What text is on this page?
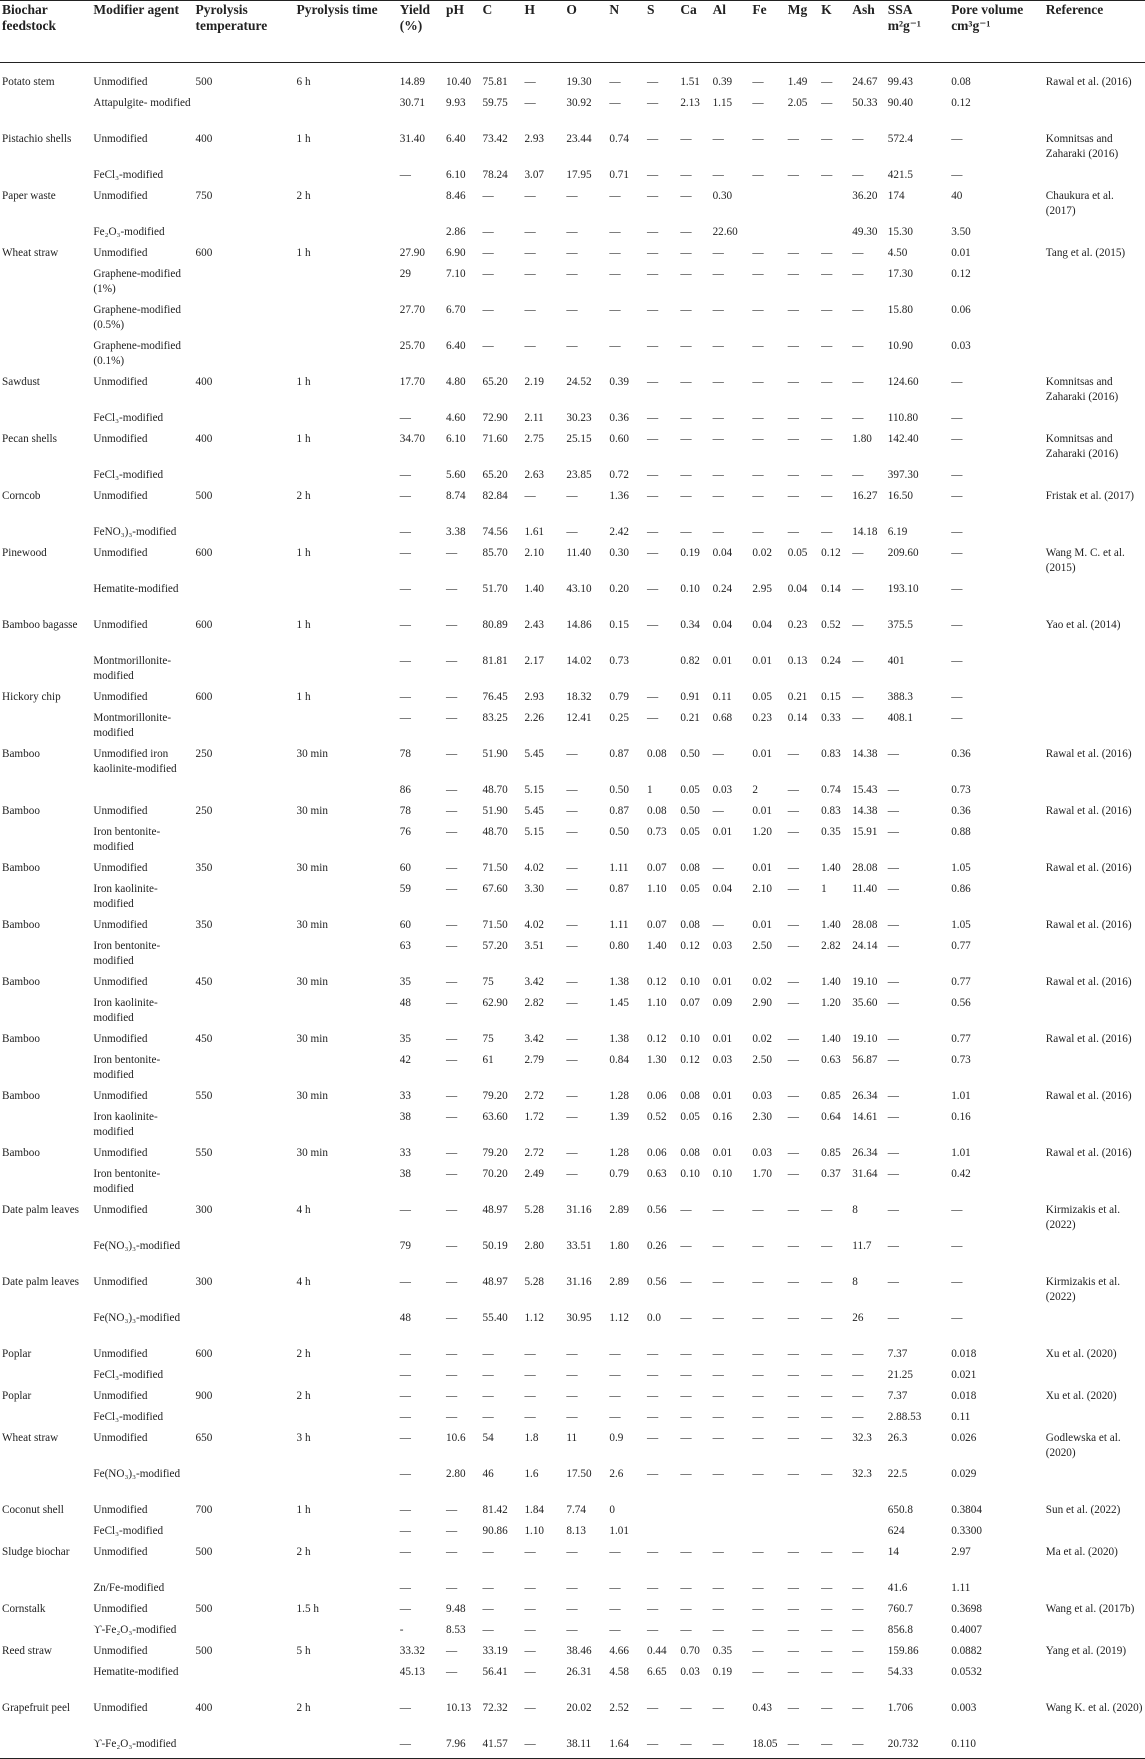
Biochar feedstock	Modifier agent	Pyrolysis temperature	Pyrolysis time	Yield (%)	pH	C	H	O	N	S	Ca	Al	Fe	Mg	K	Ash	SSA m²g⁻¹	Pore volume cm³g⁻¹	Reference
Potato stem	Unmodified	500	6 h	14.89	10.40	75.81	—	19.30	—	—	1.51	0.39	—	1.49	—	24.67	99.43	0.08	Rawal et al. (2016)
	Attapulgite- modified			30.71	9.93	59.75	—	30.92	—	—	2.13	1.15	—	2.05	—	50.33	90.40	0.12	
Pistachio shells	Unmodified	400	1 h	31.40	6.40	73.42	2.93	23.44	0.74	—	—	—	—	—	—	—	572.4	—	Komnitsas and Zaharaki (2016)
	FeCl₃-modified			—	6.10	78.24	3.07	17.95	0.71	—	—	—	—	—	—	—	421.5	—	
Paper waste	Unmodified	750	2 h		8.46	—	—	—	—	—	—	0.30				36.20	174	40	Chaukura et al. (2017)
	Fe₂O₃-modified				2.86	—	—	—	—	—	—	22.60				49.30	15.30	3.50	
Wheat straw	Unmodified	600	1 h	27.90	6.90	—	—	—	—	—	—	—	—	—	—	—	4.50	0.01	Tang et al. (2015)
	Graphene-modified (1%)			29	7.10	—	—	—	—	—	—	—	—	—	—	—	17.30	0.12	
	Graphene-modified (0.5%)			27.70	6.70	—	—	—	—	—	—	—	—	—	—	—	15.80	0.06	
	Graphene-modified (0.1%)			25.70	6.40	—	—	—	—	—	—	—	—	—	—	—	10.90	0.03	
Sawdust	Unmodified	400	1 h	17.70	4.80	65.20	2.19	24.52	0.39	—	—	—	—	—	—	—	124.60	—	Komnitsas and Zaharaki (2016)
	FeCl₃-modified			—	4.60	72.90	2.11	30.23	0.36	—	—	—	—	—	—	—	110.80	—	
Pecan shells	Unmodified	400	1 h	34.70	6.10	71.60	2.75	25.15	0.60	—	—	—	—	—	—	1.80	142.40	—	Komnitsas and Zaharaki (2016)
	FeCl₃-modified			—	5.60	65.20	2.63	23.85	0.72	—	—	—	—	—	—	—	397.30	—	
Corncob	Unmodified	500	2 h	—	8.74	82.84	—	—	1.36	—	—	—	—	—	—	16.27	16.50	—	Fristak et al. (2017)
	FeNO₃)₃-modified			—	3.38	74.56	1.61	—	2.42	—	—	—	—	—	—	14.18	6.19	—	
Pinewood	Unmodified	600	1 h	—	—	85.70	2.10	11.40	0.30	—	0.19	0.04	0.02	0.05	0.12	—	209.60	—	Wang M. C. et al. (2015)
	Hematite-modified			—	—	51.70	1.40	43.10	0.20	—	0.10	0.24	2.95	0.04	0.14	—	193.10	—	
Bamboo bagasse	Unmodified	600	1 h	—	—	80.89	2.43	14.86	0.15	—	0.34	0.04	0.04	0.23	0.52	—	375.5	—	Yao et al. (2014)
	Montmorillonite-modified			—	—	81.81	2.17	14.02	0.73		0.82	0.01	0.01	0.13	0.24	—	401	—	
Hickory chip	Unmodified	600	1 h	—	—	76.45	2.93	18.32	0.79	—	0.91	0.11	0.05	0.21	0.15	—	388.3	—	
	Montmorillonite-modified			—	—	83.25	2.26	12.41	0.25	—	0.21	0.68	0.23	0.14	0.33	—	408.1	—	
Bamboo	Unmodified iron kaolinite-modified	250	30 min	78	—	51.90	5.45	—	0.87	0.08	0.50	—	0.01	—	0.83	14.38	—	0.36	Rawal et al. (2016)
				86	—	48.70	5.15	—	0.50	1	0.05	0.03	2	—	0.74	15.43	—	0.73	
Bamboo	Unmodified	250	30 min	78	—	51.90	5.45	—	0.87	0.08	0.50	—	0.01	—	0.83	14.38	—	0.36	Rawal et al. (2016)
	Iron bentonite-modified			76	—	48.70	5.15	—	0.50	0.73	0.05	0.01	1.20	—	0.35	15.91	—	0.88	
Bamboo	Unmodified	350	30 min	60	—	71.50	4.02	—	1.11	0.07	0.08	—	0.01	—	1.40	28.08	—	1.05	Rawal et al. (2016)
	Iron kaolinite-modified			59	—	67.60	3.30	—	0.87	1.10	0.05	0.04	2.10	—	1	11.40	—	0.86	
Bamboo	Unmodified	350	30 min	60	—	71.50	4.02	—	1.11	0.07	0.08	—	0.01	—	1.40	28.08	—	1.05	Rawal et al. (2016)
	Iron bentonite-modified			63	—	57.20	3.51	—	0.80	1.40	0.12	0.03	2.50	—	2.82	24.14	—	0.77	
Bamboo	Unmodified	450	30 min	35	—	75	3.42	—	1.38	0.12	0.10	0.01	0.02	—	1.40	19.10	—	0.77	Rawal et al. (2016)
	Iron kaolinite-modified			48	—	62.90	2.82	—	1.45	1.10	0.07	0.09	2.90	—	1.20	35.60	—	0.56	
Bamboo	Unmodified	450	30 min	35	—	75	3.42	—	1.38	0.12	0.10	0.01	0.02	—	1.40	19.10	—	0.77	Rawal et al. (2016)
	Iron bentonite-modified			42	—	61	2.79	—	0.84	1.30	0.12	0.03	2.50	—	0.63	56.87	—	0.73	
Bamboo	Unmodified	550	30 min	33	—	79.20	2.72	—	1.28	0.06	0.08	0.01	0.03	—	0.85	26.34	—	1.01	Rawal et al. (2016)
	Iron kaolinite-modified			38	—	63.60	1.72	—	1.39	0.52	0.05	0.16	2.30	—	0.64	14.61	—	0.16	
Bamboo	Unmodified	550	30 min	33	—	79.20	2.72	—	1.28	0.06	0.08	0.01	0.03	—	0.85	26.34	—	1.01	Rawal et al. (2016)
	Iron bentonite-modified			38	—	70.20	2.49	—	0.79	0.63	0.10	0.10	1.70	—	0.37	31.64	—	0.42	
Date palm leaves	Unmodified	300	4 h	—	—	48.97	5.28	31.16	2.89	0.56	—	—	—	—	—	8	—	—	Kirmizakis et al. (2022)
	Fe(NO₃)₃-modified			79	—	50.19	2.80	33.51	1.80	0.26	—	—	—	—	—	11.7	—	—	
Date palm leaves	Unmodified	300	4 h	—	—	48.97	5.28	31.16	2.89	0.56	—	—	—	—	—	8	—	—	Kirmizakis et al. (2022)
	Fe(NO₃)₃-modified			48	—	55.40	1.12	30.95	1.12	0.0	—	—	—	—	—	26	—	—	
Poplar	Unmodified	600	2 h	—	—	—	—	—	—	—	—	—	—	—	—	—	7.37	0.018	Xu et al. (2020)
	FeCl₃-modified			—	—	—	—	—	—	—	—	—	—	—	—	—	21.25	0.021	
Poplar	Unmodified	900	2 h	—	—	—	—	—	—	—	—	—	—	—	—	—	7.37	0.018	Xu et al. (2020)
	FeCl₃-modified			—	—	—	—	—	—	—	—	—	—	—	—	—	2.88.53	0.11	
Wheat straw	Unmodified	650	3 h	—	10.6	54	1.8	11	0.9	—	—	—	—	—	—	32.3	26.3	0.026	Godlewska et al. (2020)
	Fe(NO₃)₃-modified			—	2.80	46	1.6	17.50	2.6	—	—	—	—	—	—	32.3	22.5	0.029	
Coconut shell	Unmodified	700	1 h	—	—	81.42	1.84	7.74	0								650.8	0.3804	Sun et al. (2022)
	FeCl₃-modified			—	—	90.86	1.10	8.13	1.01								624	0.3300	
Sludge biochar	Unmodified	500	2 h	—	—	—	—	—	—	—	—	—	—	—	—	—	14	2.97	Ma et al. (2020)
	Zn/Fe-modified			—	—	—	—	—	—	—	—	—	—	—	—	—	41.6	1.11	
Cornstalk	Unmodified	500	1.5 h	—	9.48	—	—	—	—	—	—	—	—	—	—	—	760.7	0.3698	Wang et al. (2017b)
	ϒ-Fe₂O₃-modified			-	8.53	—	—	—	—	—	—	—	—	—	—	—	856.8	0.4007	
Reed straw	Unmodified	500	5 h	33.32	—	33.19	—	38.46	4.66	0.44	0.70	0.35	—	—	—	—	159.86	0.0882	Yang et al. (2019)
	Hematite-modified			45.13	—	56.41	—	26.31	4.58	6.65	0.03	0.19	—	—	—	—	54.33	0.0532	
Grapefruit peel	Unmodified	400	2 h	—	10.13	72.32	—	20.02	2.52	—	—	—	0.43	—	—	—	1.706	0.003	Wang K. et al. (2020)
	ϒ-Fe₂O₃-modified			—	7.96	41.57	—	38.11	1.64	—	—	—	18.05	—	—	—	20.732	0.110	
